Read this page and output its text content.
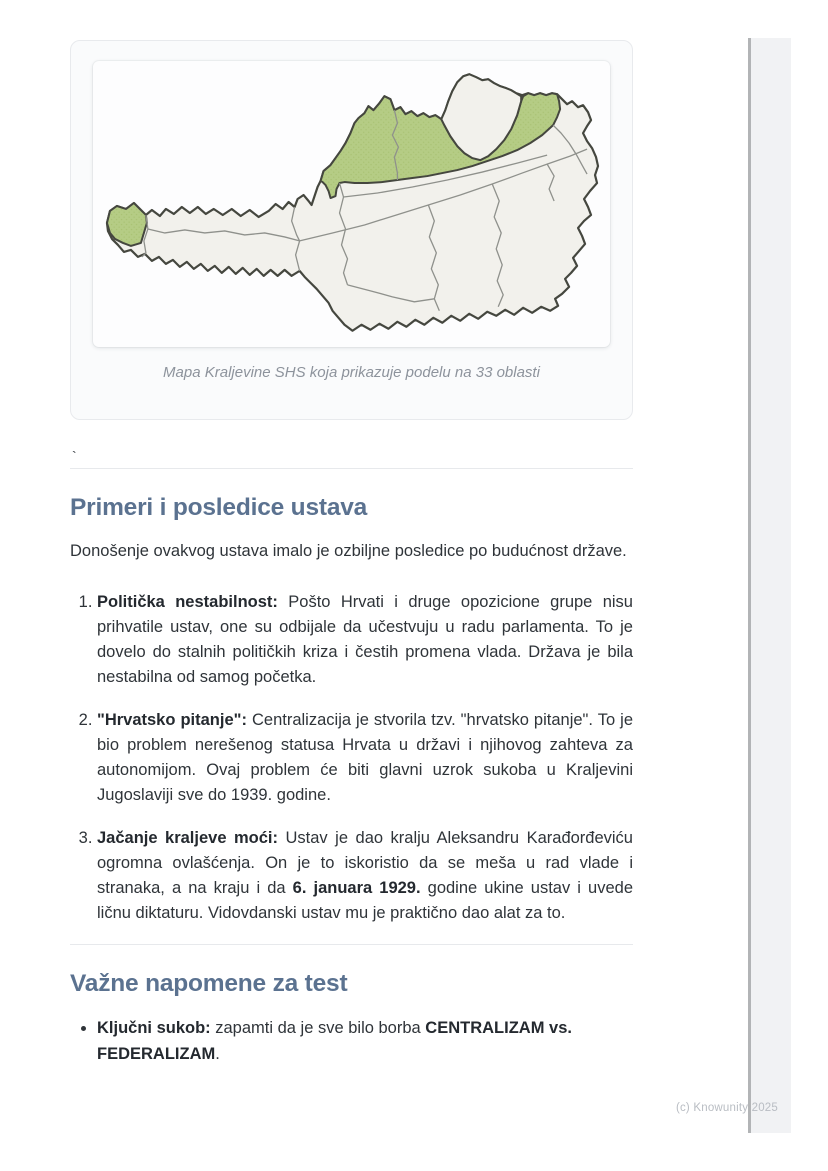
Mapa Kraljevine SHS koja prikazuje podelu na 33 oblasti

`

Primeri i posledice ustava

Donošenje ovakvog ustava imalo je ozbiljne posledice po budućnost države.

1. Politička nestabilnost: Pošto Hrvati i druge opozicione grupe nisu prihvatile ustav, one su odbijale da učestvuju u radu parlamenta. To je dovelo do stalnih političkih kriza i čestih promena vlada. Država je bila nestabilna od samog početka.
2. "Hrvatsko pitanje": Centralizacija je stvorila tzv. "hrvatsko pitanje". To je bio problem nerešenog statusa Hrvata u državi i njihovog zahteva za autonomijom. Ovaj problem će biti glavni uzrok sukoba u Kraljevini Jugoslaviji sve do 1939. godine.
3. Jačanje kraljeve moći: Ustav je dao kralju Aleksandru Karađorđeviću ogromna ovlašćenja. On je to iskoristio da se meša u rad vlade i stranaka, a na kraju i da 6. januara 1929. godine ukine ustav i uvede ličnu diktaturu. Vidovdanski ustav mu je praktično dao alat za to.
Važne napomene za test
• Ključni sukob: zapamti da je sve bilo borba CENTRALIZAM vs. FEDERALIZAM.
(c) Knowunity 2025
